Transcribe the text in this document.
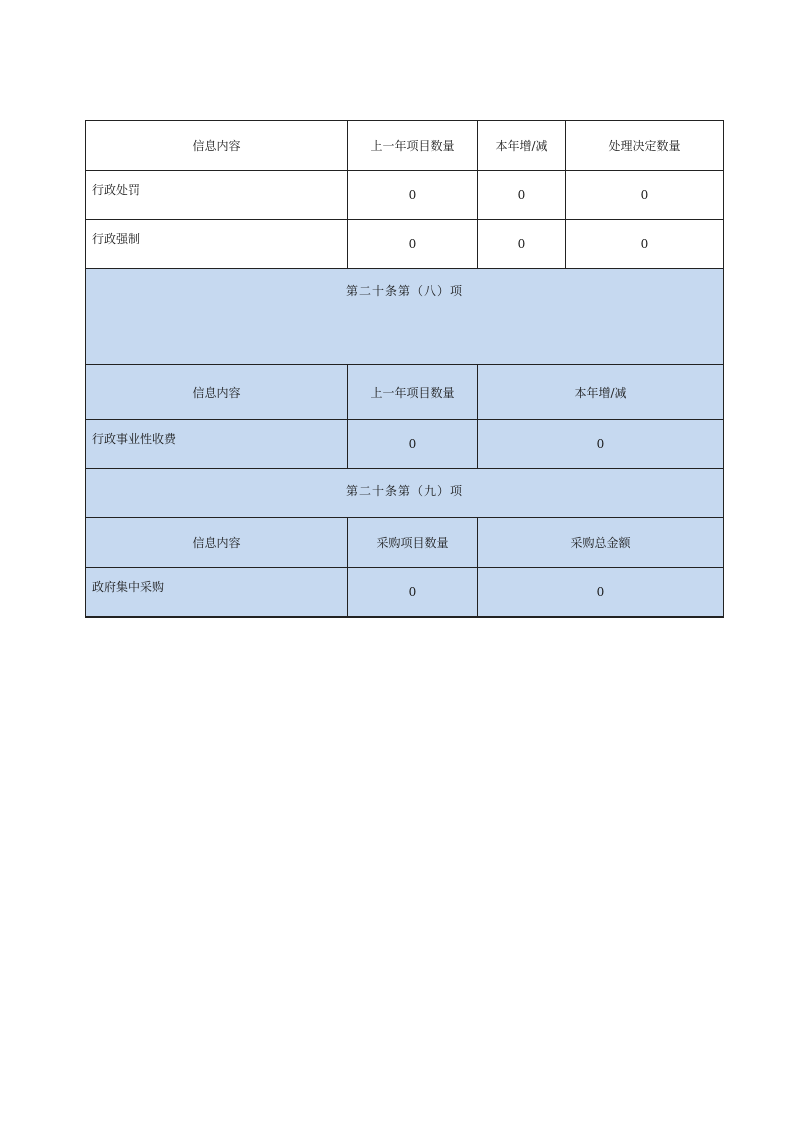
信息内容	上一年项目数量	本年增/减	处理决定数量
行政处罚	0	0	0
行政强制	0	0	0
第二十条第（八）项			
信息内容	上一年项目数量	本年增/减	
行政事业性收费	0	0	
第二十条第（九）项			
信息内容	采购项目数量	采购总金额	
政府集中采购	0	0	
